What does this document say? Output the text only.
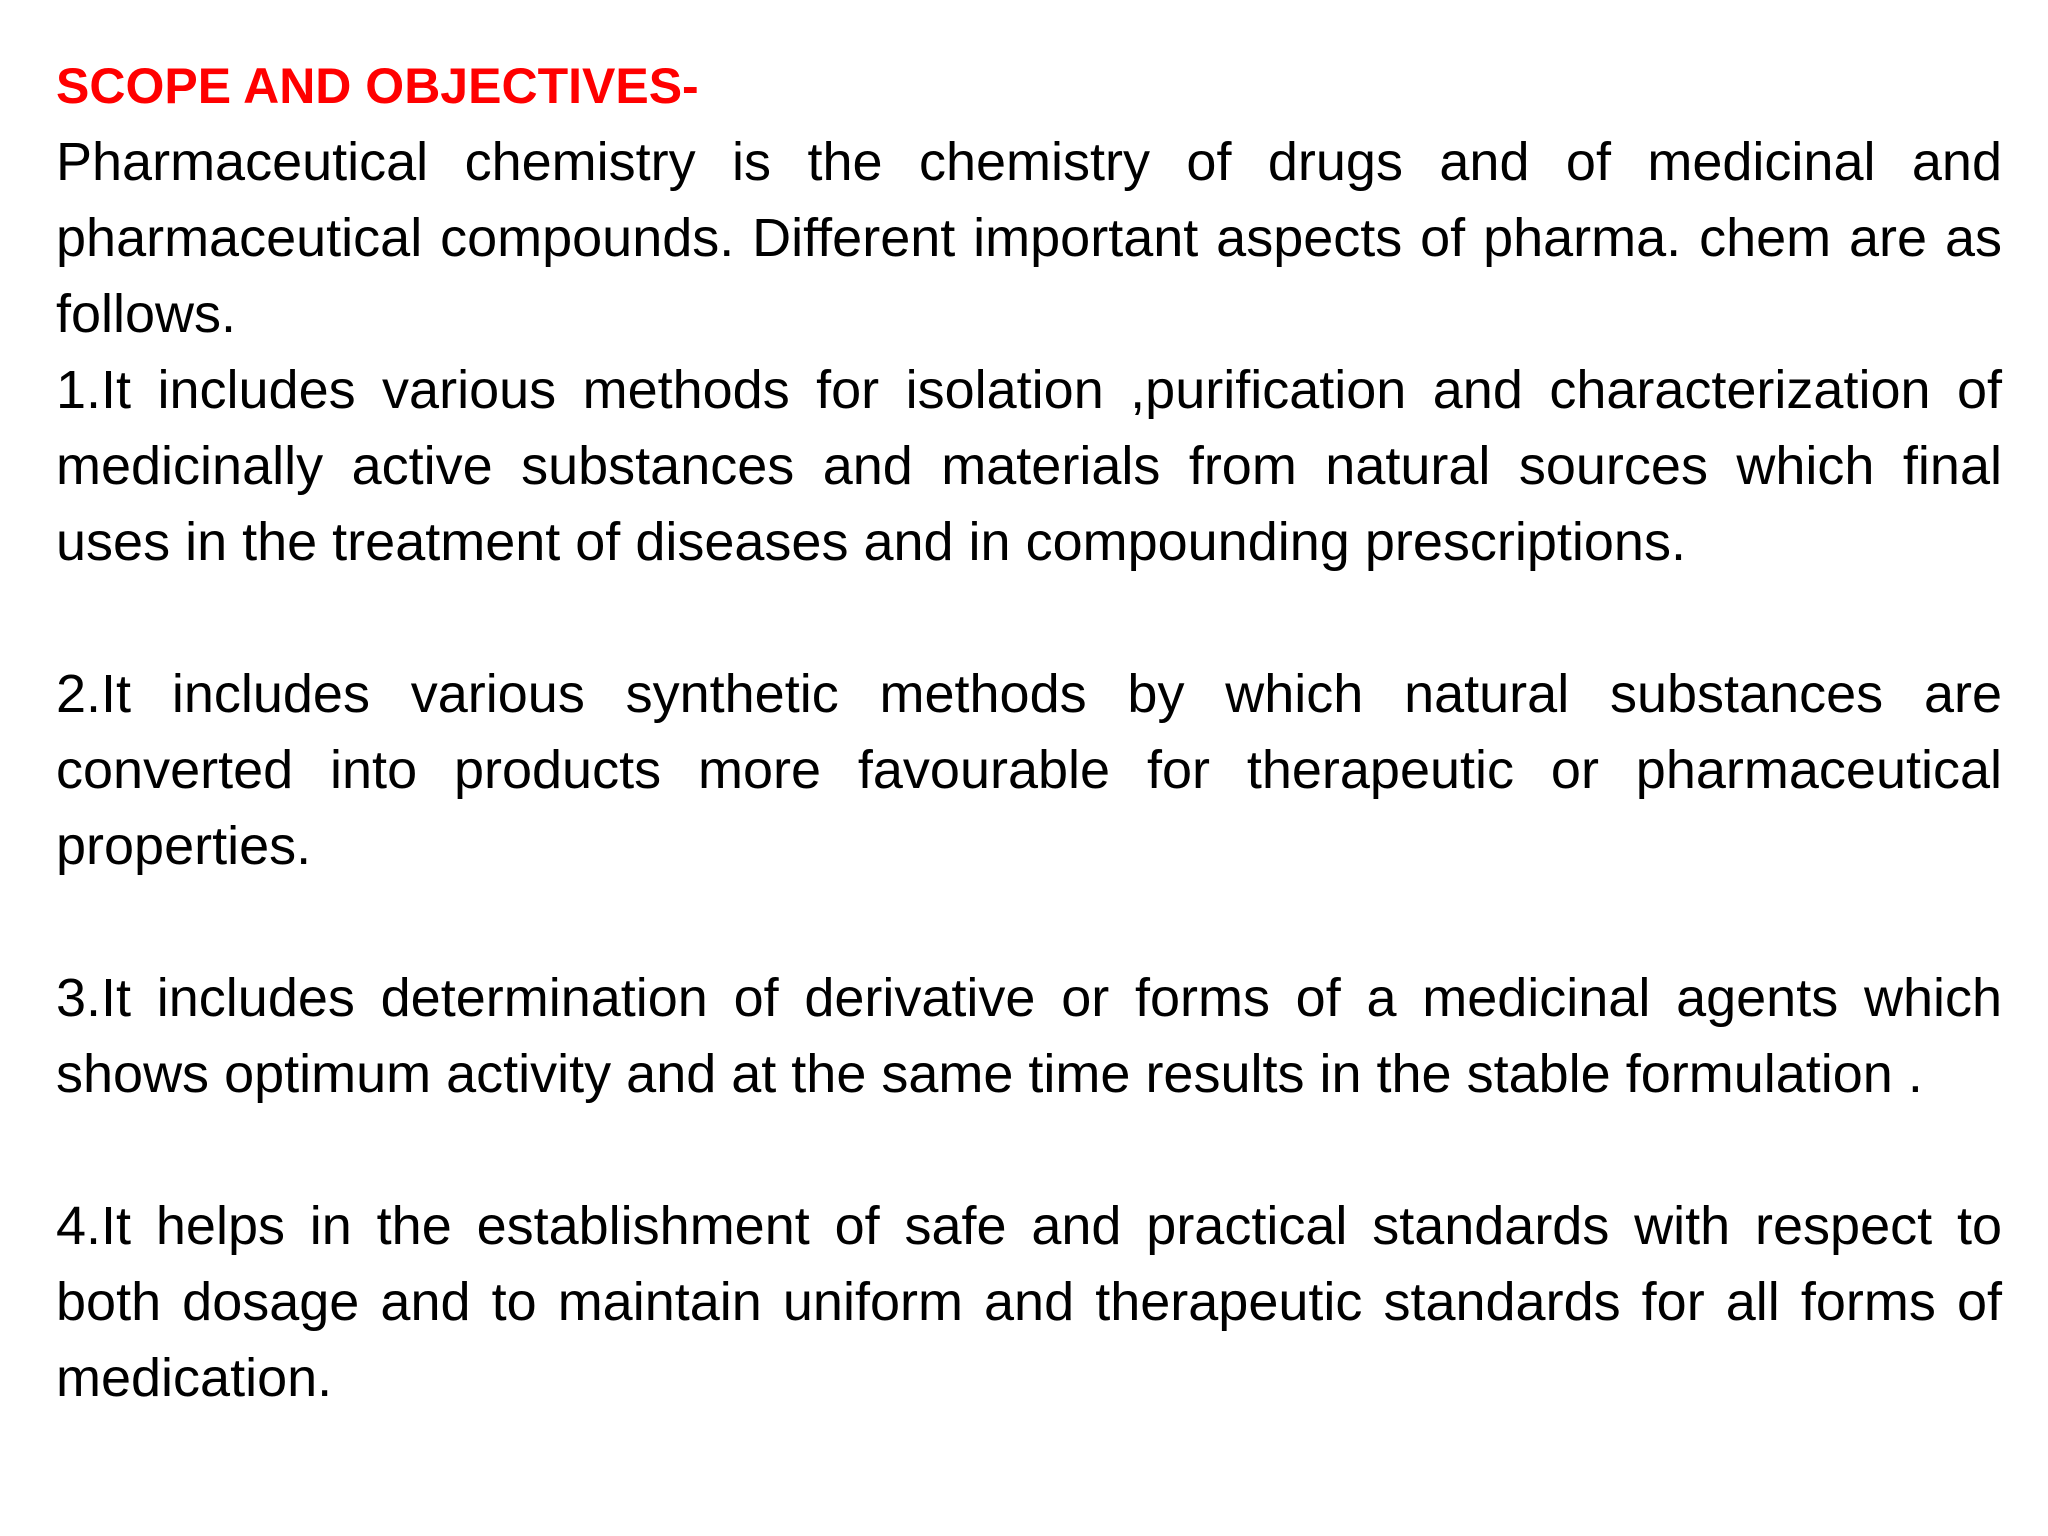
SCOPE AND OBJECTIVES-

Pharmaceutical chemistry is the chemistry of drugs and of medicinal and pharmaceutical compounds. Different important aspects of pharma. chem are as follows.

1.It includes various methods for isolation ,purification and characterization of medicinally active substances and materials from natural sources which final uses in the treatment of diseases and in compounding prescriptions.

2.It includes various synthetic methods by which natural substances are converted into products more favourable for therapeutic or pharmaceutical properties.

3.It includes determination of derivative or forms of a medicinal agents which shows optimum activity and at the same time results in the stable formulation .

4.It helps in the establishment of safe and practical standards with respect to both dosage and to maintain uniform and therapeutic standards for all forms of medication.
